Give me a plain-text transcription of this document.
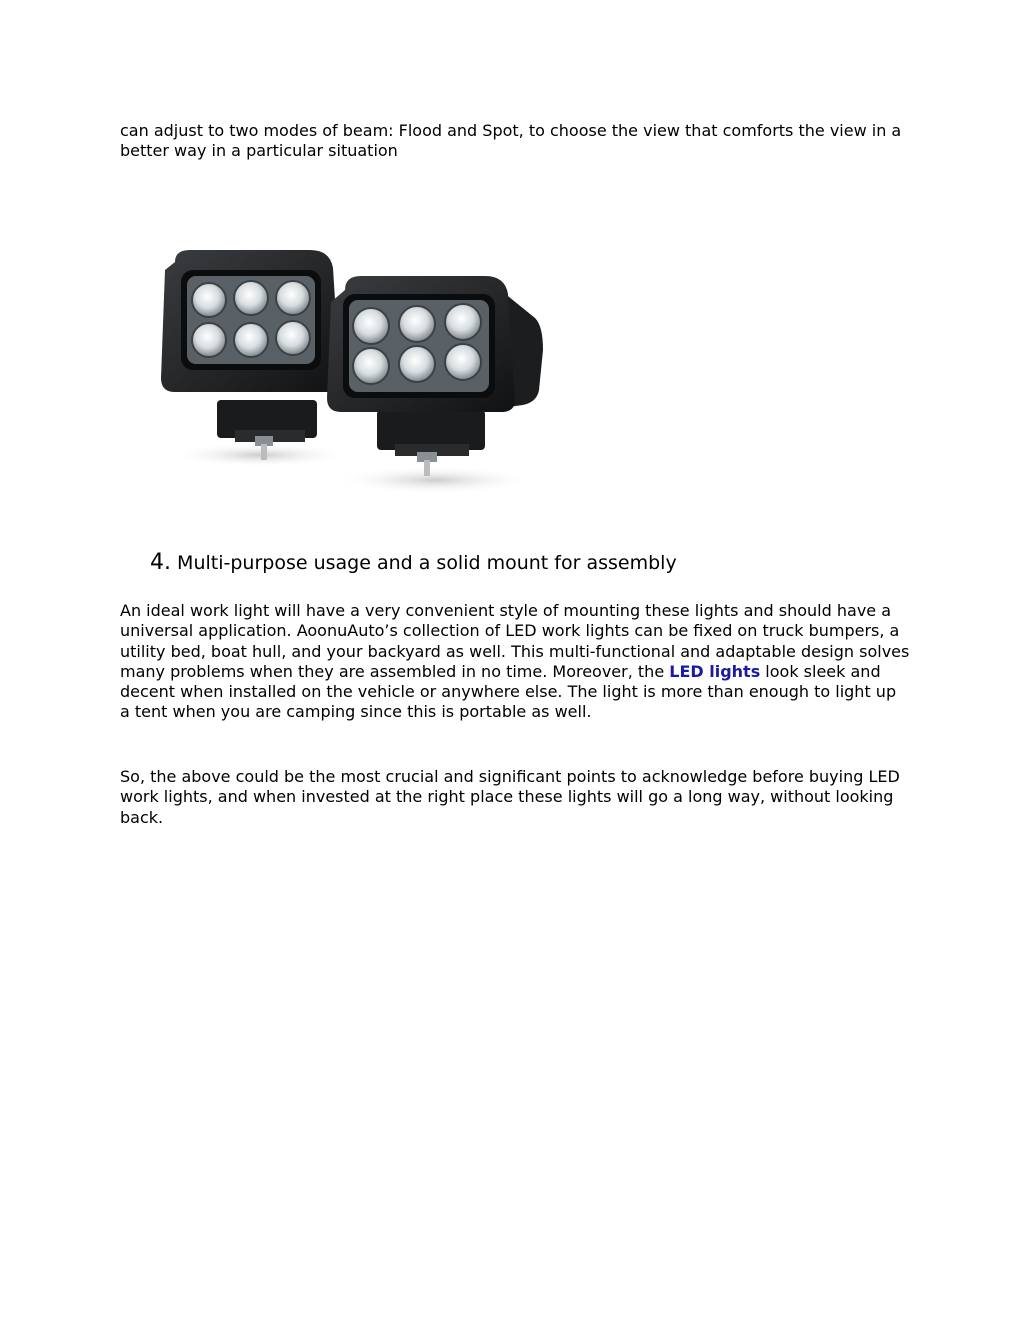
can adjust to two modes of beam: Flood and Spot, to choose the view that comforts the view in a better way in a particular situation

4. Multi-purpose usage and a solid mount for assembly

An ideal work light will have a very convenient style of mounting these lights and should have a universal application. AoonuAuto’s collection of LED work lights can be fixed on truck bumpers, a utility bed, boat hull, and your backyard as well. This multi-functional and adaptable design solves many problems when they are assembled in no time. Moreover, the LED lights look sleek and decent when installed on the vehicle or anywhere else. The light is more than enough to light up a tent when you are camping since this is portable as well.

So, the above could be the most crucial and significant points to acknowledge before buying LED work lights, and when invested at the right place these lights will go a long way, without looking back.
